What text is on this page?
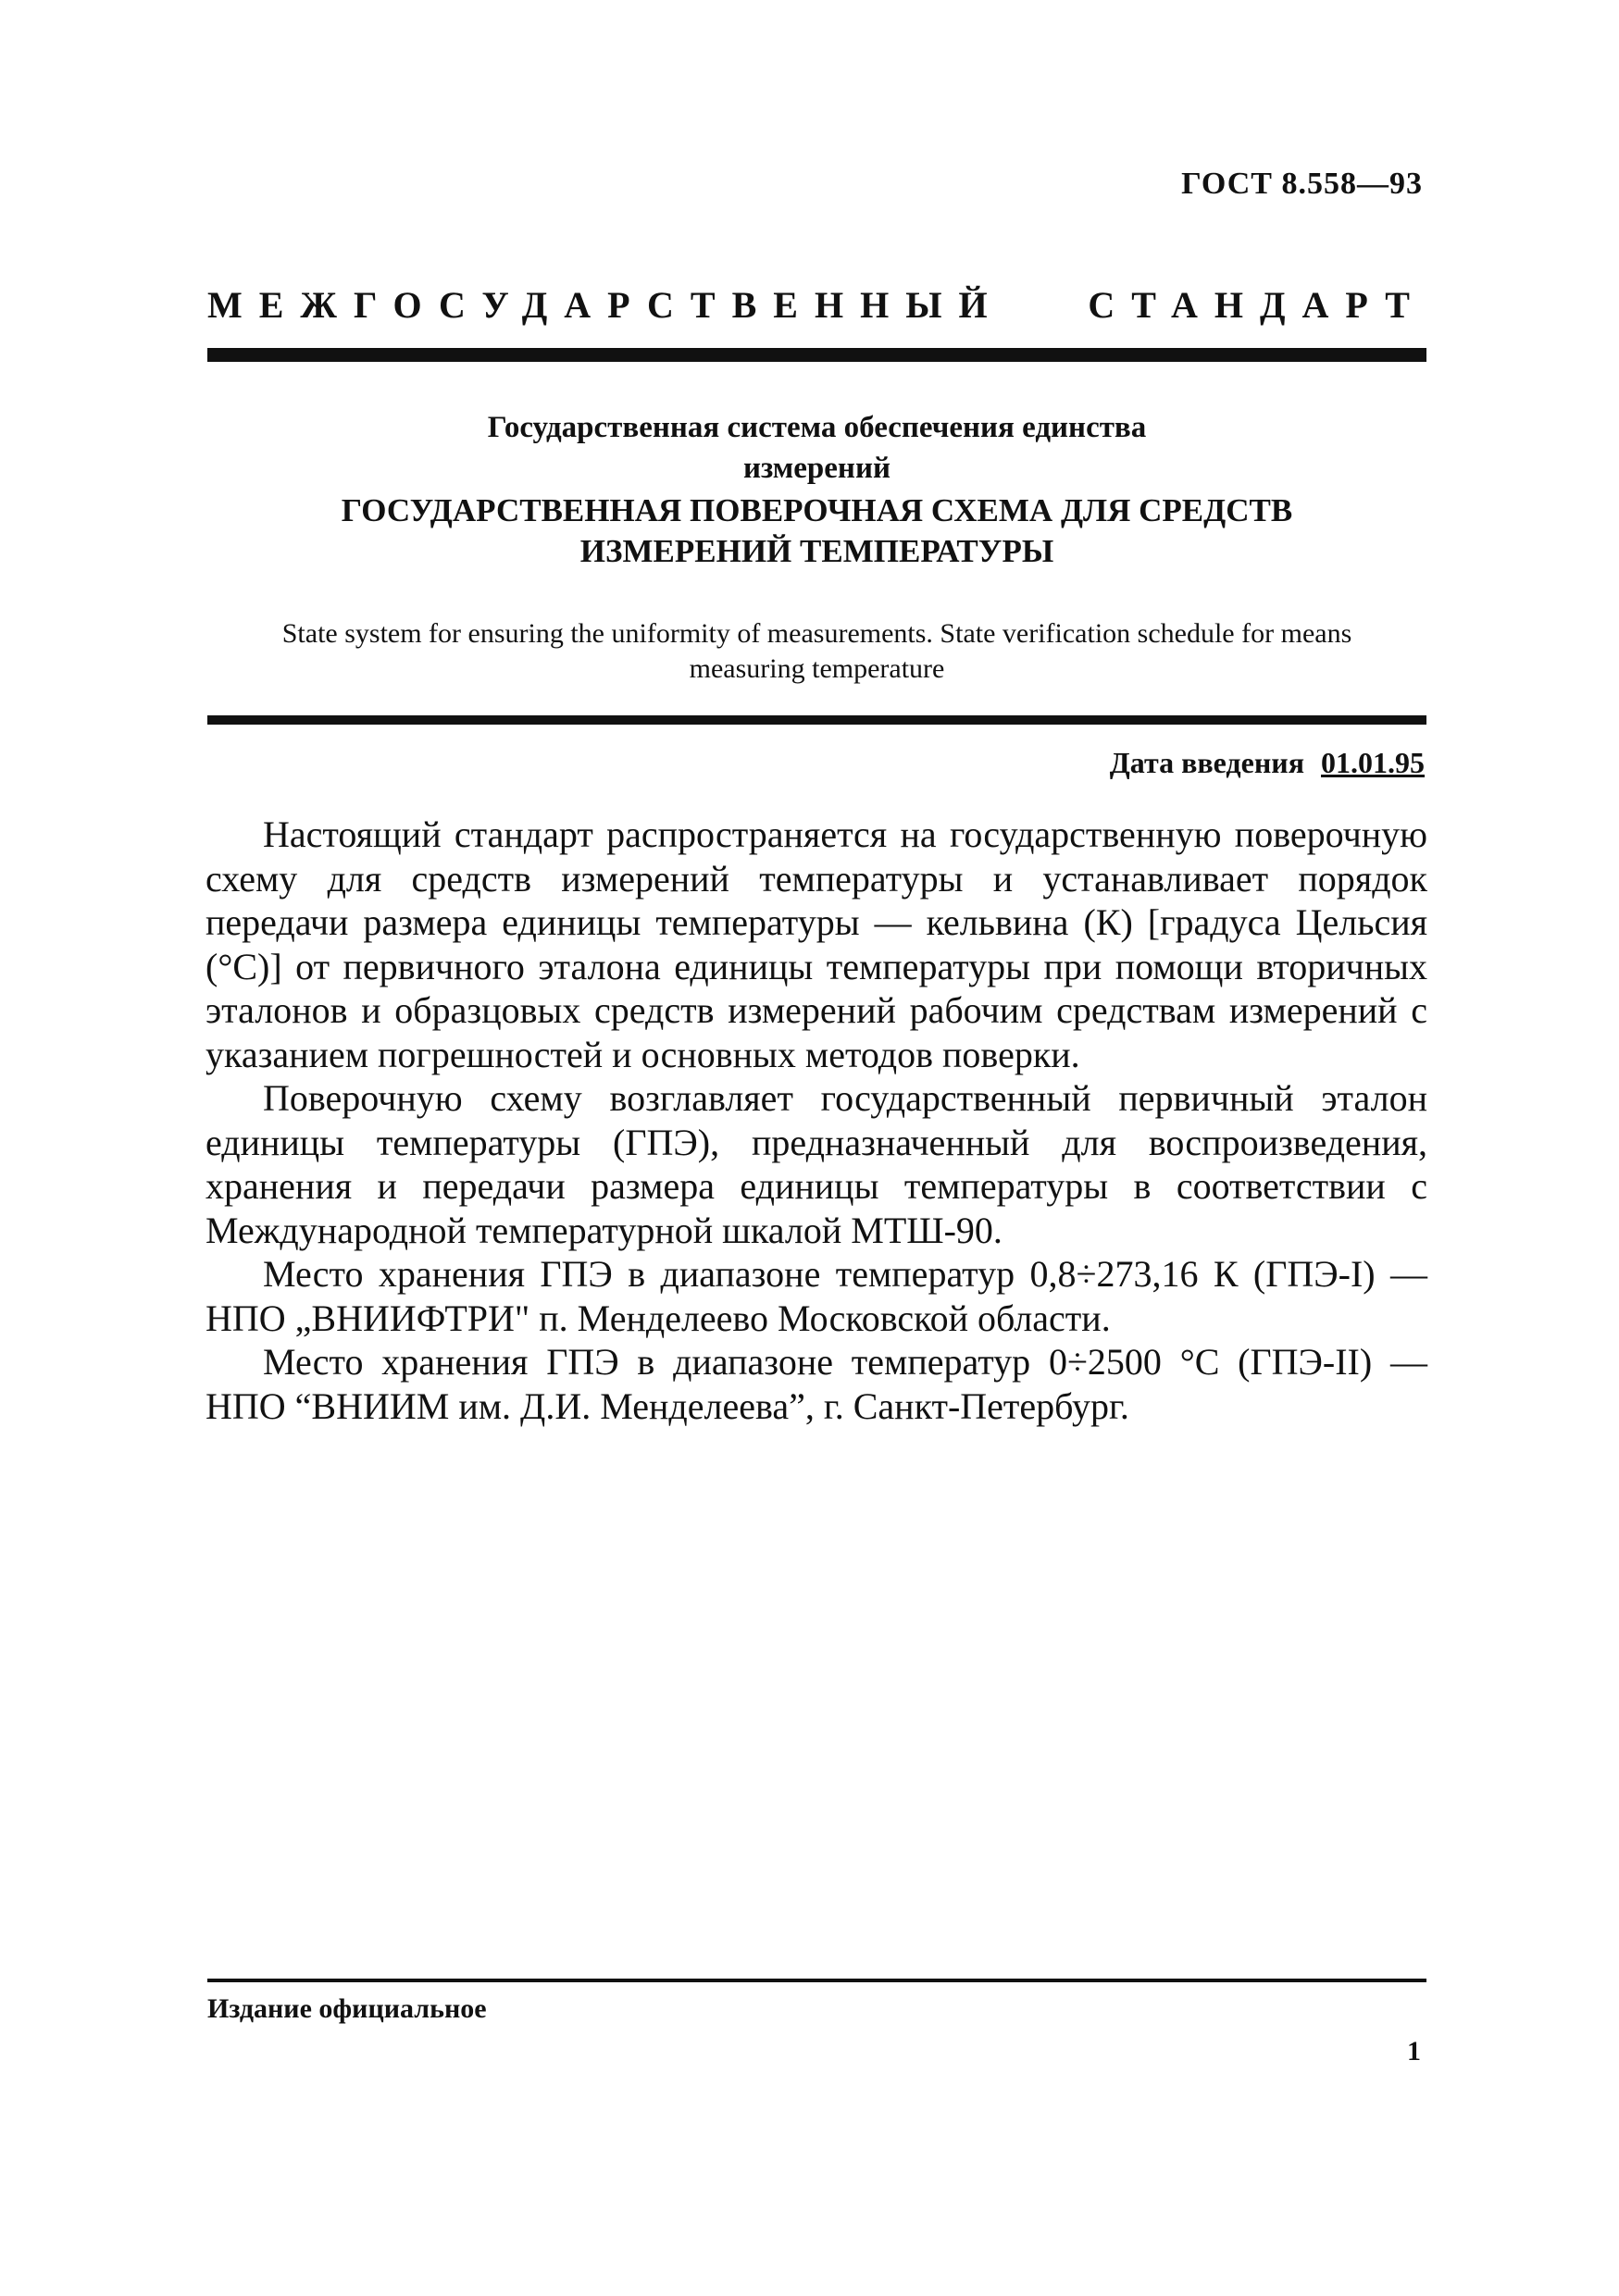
ГОСТ 8.558—93
МЕЖГОСУДАРСТВЕННЫЙ СТАНДАРТ
Государственная система обеспечения единства измерений
ГОСУДАРСТВЕННАЯ ПОВЕРОЧНАЯ СХЕМА ДЛЯ СРЕДСТВ ИЗМЕРЕНИЙ ТЕМПЕРАТУРЫ
State system for ensuring the uniformity of measurements. State verification schedule for means measuring temperature
Дата введения 01.01.95

Настоящий стандарт распространяется на государственную поверочную схему для средств измерений температуры и устанавливает порядок передачи размера единицы температуры — кельвина (К) [градуса Цельсия (°С)] от первичного эталона единицы температуры при помощи вторичных эталонов и образцовых средств измерений рабочим средствам измерений с указанием погрешностей и основных методов поверки.

Поверочную схему возглавляет государственный первичный эталон единицы температуры (ГПЭ), предназначенный для воспроизведения, хранения и передачи размера единицы температуры в соответствии с Международной температурной шкалой МТШ-90.

Место хранения ГПЭ в диапазоне температур 0,8÷273,16 К (ГПЭ-I) — НПО „ВНИИФТРИ" п. Менделеево Московской области.

Место хранения ГПЭ в диапазоне температур 0÷2500 °С (ГПЭ-II) — НПО “ВНИИМ им. Д.И. Менделеева”, г. Санкт-Петербург.

Издание официальное
1
